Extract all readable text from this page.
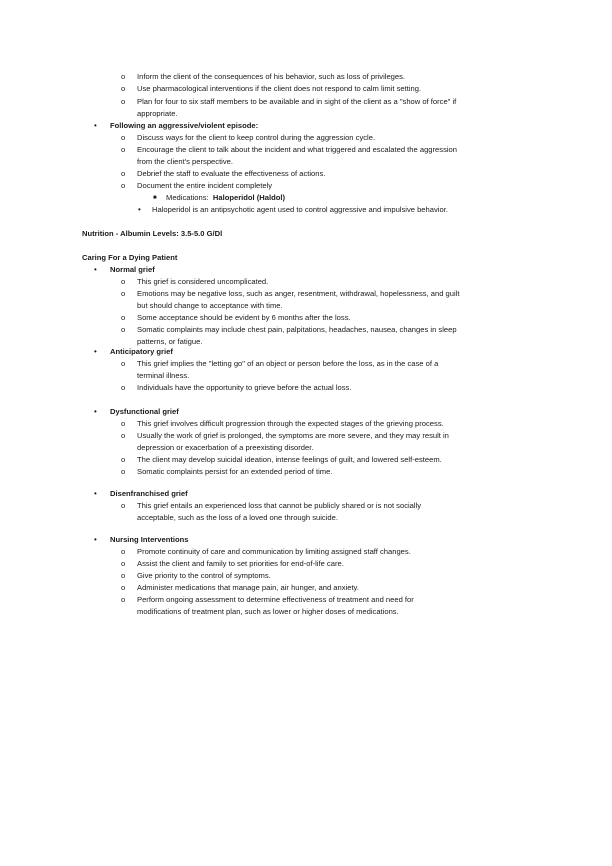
o Inform the client of the consequences of his behavior, such as loss of privileges.
o Use pharmacological interventions if the client does not respond to calm limit setting.
o Plan for four to six staff members to be available and in sight of the client as a "show of force" if
appropriate.
• Following an aggressive/violent episode:
o Discuss ways for the client to keep control during the aggression cycle.
o Encourage the client to talk about the incident and what triggered and escalated the aggression
from the client's perspective.
o Debrief the staff to evaluate the effectiveness of actions.
o Document the entire incident completely
■ Medications: Haloperidol (Haldol)
• Haloperidol is an antipsychotic agent used to control aggressive and impulsive behavior.
Nutrition - Albumin Levels: 3.5-5.0 G/Dl
Caring For a Dying Patient
• Normal grief
o This grief is considered uncomplicated.
o Emotions may be negative loss, such as anger, resentment, withdrawal, hopelessness, and guilt
but should change to acceptance with time.
o Some acceptance should be evident by 6 months after the loss.
o Somatic complaints may include chest pain, palpitations, headaches, nausea, changes in sleep
patterns, or fatigue.
• Anticipatory grief
o This grief implies the "letting go" of an object or person before the loss, as in the case of a
terminal illness.
o Individuals have the opportunity to grieve before the actual loss.
• Dysfunctional grief
o This grief involves difficult progression through the expected stages of the grieving process.
o Usually the work of grief is prolonged, the symptoms are more severe, and they may result in
depression or exacerbation of a preexisting disorder.
o The client may develop suicidal ideation, intense feelings of guilt, and lowered self-esteem.
o Somatic complaints persist for an extended period of time.
• Disenfranchised grief
o This grief entails an experienced loss that cannot be publicly shared or is not socially
acceptable, such as the loss of a loved one through suicide.
• Nursing Interventions
o Promote continuity of care and communication by limiting assigned staff changes.
o Assist the client and family to set priorities for end-of-life care.
o Give priority to the control of symptoms.
o Administer medications that manage pain, air hunger, and anxiety.
o Perform ongoing assessment to determine effectiveness of treatment and need for
modifications of treatment plan, such as lower or higher doses of medications.
